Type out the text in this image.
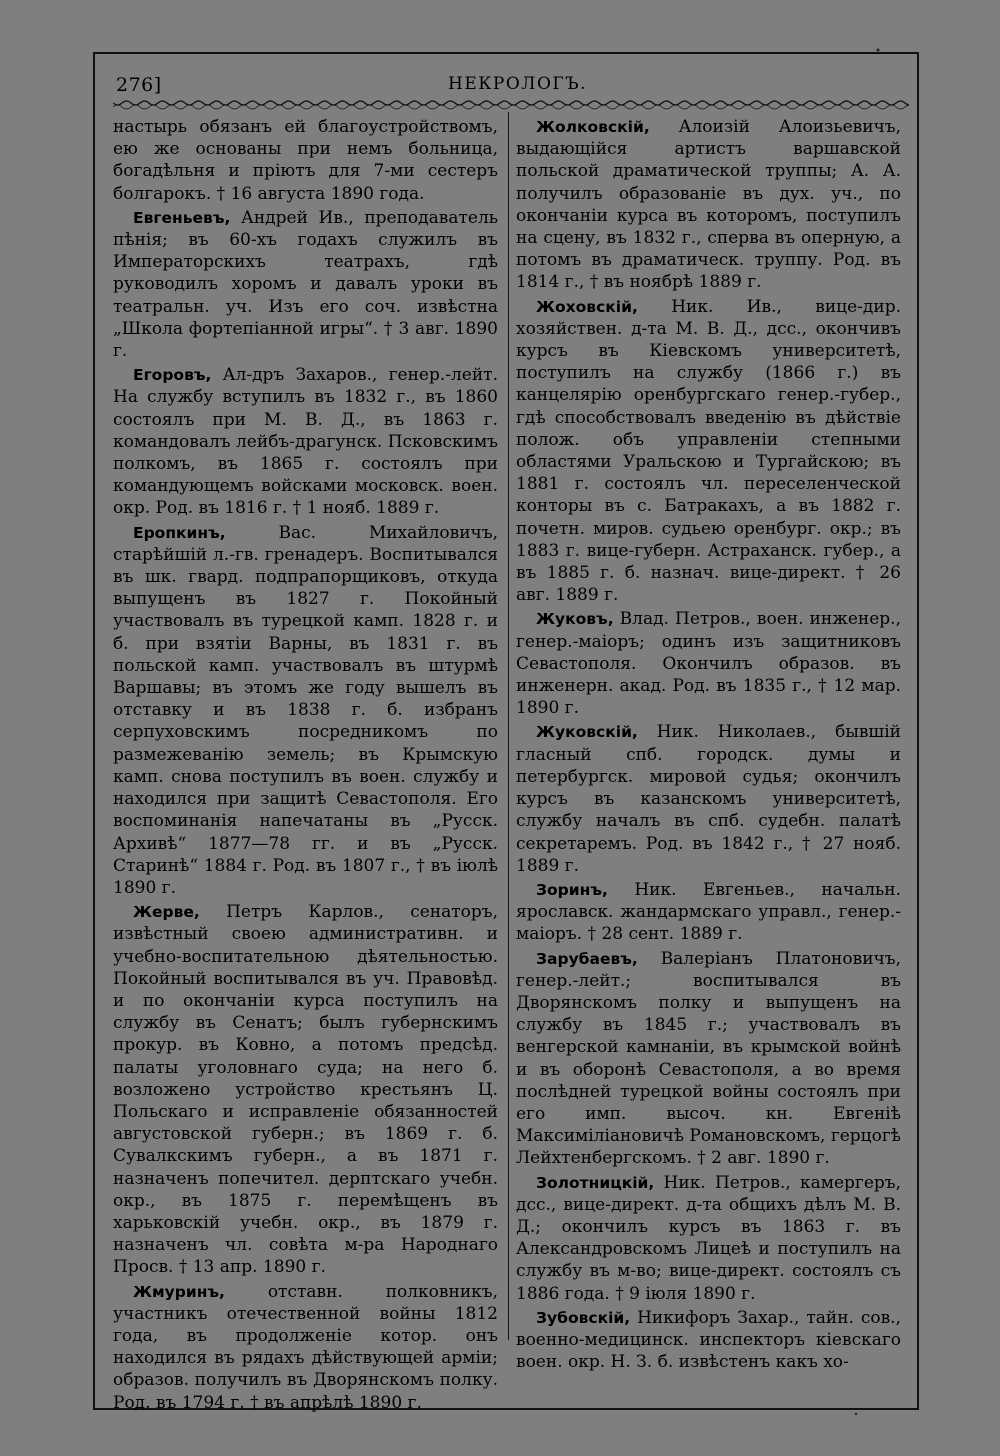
276]	НЕКРОЛОГЪ.

настырь обязанъ ей благоустройствомъ, ею же основаны при немъ больница, богадѣльня и пріютъ для 7-ми сестеръ болгарокъ. † 16 августа 1890 года.

Евгеньевъ, Андрей Ив., преподаватель пѣнія; въ 60-хъ годахъ служилъ въ Императорскихъ театрахъ, гдѣ руководилъ хоромъ и давалъ уроки въ театральн. уч. Изъ его соч. извѣстна „Школа фортепіанной игры“. † 3 авг. 1890 г.

Егоровъ, Ал-дръ Захаров., генер.-лейт. На службу вступилъ въ 1832 г., въ 1860 состоялъ при М. В. Д., въ 1863 г. командовалъ лейбъ-драгунск. Псковскимъ полкомъ, въ 1865 г. состоялъ при командующемъ войсками московск. воен. окр. Род. въ 1816 г. † 1 нояб. 1889 г.

Еропкинъ, Вас. Михайловичъ, старѣйшій л.-гв. гренадеръ. Воспитывался въ шк. гвард. подпрапорщиковъ, откуда выпущенъ въ 1827 г. Покойный участвовалъ въ турецкой камп. 1828 г. и б. при взятіи Варны, въ 1831 г. въ польской камп. участвовалъ въ штурмѣ Варшавы; въ этомъ же году вышелъ въ отставку и въ 1838 г. б. избранъ серпуховскимъ посредникомъ по размежеванію земель; въ Крымскую камп. снова поступилъ въ воен. службу и находился при защитѣ Севастополя. Его воспоминанія напечатаны въ „Русск. Архивѣ“ 1877—78 гг. и въ „Русск. Старинѣ“ 1884 г. Род. въ 1807 г., † въ іюлѣ 1890 г.

Жерве, Петръ Карлов., сенаторъ, извѣстный своею административн. и учебно-воспитательною дѣятельностью. Покойный воспитывался въ уч. Правовѣд. и по окончаніи курса поступилъ на службу въ Сенатъ; былъ губернскимъ прокур. въ Ковно, а потомъ предсѣд. палаты уголовнаго суда; на него б. возложено устройство крестьянъ Ц. Польскаго и исправленіе обязанностей августовской губерн.; въ 1869 г. б. Сувалкскимъ губерн., а въ 1871 г. назначенъ попечител. дерптскаго учебн. окр., въ 1875 г. перемѣщенъ въ харьковскій учебн. окр., въ 1879 г. назначенъ чл. совѣта м-ра Народнаго Просв. † 13 апр. 1890 г.

Жмуринъ, отставн. полковникъ, участникъ отечественной войны 1812 года, въ продолженіе котор. онъ находился въ рядахъ дѣйствующей арміи; образов. получилъ въ Дворянскомъ полку. Род. въ 1794 г. † въ апрѣлѣ 1890 г.

Жолковскій, Алоизій Алоизьевичъ, выдающійся артистъ варшавской польской драматической труппы; А. А. получилъ образованіе въ дух. уч., по окончаніи курса въ которомъ, поступилъ на сцену, въ 1832 г., сперва въ оперную, а потомъ въ драматическ. труппу. Род. въ 1814 г., † въ ноябрѣ 1889 г.

Жоховскій, Ник. Ив., вице-дир. хозяйствен. д-та М. В. Д., дсс., окончивъ курсъ въ Кіевскомъ университетѣ, поступилъ на службу (1866 г.) въ канцелярію оренбургскаго генер.-губер., гдѣ способствовалъ введенію въ дѣйствіе полож. объ управленіи степными областями Уральскою и Тургайскою; въ 1881 г. состоялъ чл. переселенческой конторы въ с. Батракахъ, а въ 1882 г. почетн. миров. судьею оренбург. окр.; въ 1883 г. вице-губерн. Астраханск. губер., а въ 1885 г. б. назнач. вице-директ. † 26 авг. 1889 г.

Жуковъ, Влад. Петров., воен. инженер., генер.-маіоръ; одинъ изъ защитниковъ Севастополя. Окончилъ образов. въ инженерн. акад. Род. въ 1835 г., † 12 мар. 1890 г.

Жуковскій, Ник. Николаев., бывшій гласный спб. городск. думы и петербургск. мировой судья; окончилъ курсъ въ казанскомъ университетѣ, службу началъ въ спб. судебн. палатѣ секретаремъ. Род. въ 1842 г., † 27 нояб. 1889 г.

Зоринъ, Ник. Евгеньев., начальн. ярославск. жандармскаго управл., генер.-маіоръ. † 28 сент. 1889 г.

Зарубаевъ, Валеріанъ Платоновичъ, генер.-лейт.; воспитывался въ Дворянскомъ полку и выпущенъ на службу въ 1845 г.; участвовалъ въ венгерской камнаніи, въ крымской войнѣ и въ оборонѣ Севастополя, а во время послѣдней турецкой войны состоялъ при его имп. высоч. кн. Евгеніѣ Максиміліановичѣ Романовскомъ, герцогѣ Лейхтенбергскомъ. † 2 авг. 1890 г.

Золотницкій, Ник. Петров., камергеръ, дсс., вице-директ. д-та общихъ дѣлъ М. В. Д.; окончилъ курсъ въ 1863 г. въ Александровскомъ Лицеѣ и поступилъ на службу въ м-во; вице-директ. состоялъ съ 1886 года. † 9 іюля 1890 г.

Зубовскій, Никифоръ Захар., тайн. сов., военно-медицинск. инспекторъ кіевскаго воен. окр. Н. З. б. извѣстенъ какъ хо-
